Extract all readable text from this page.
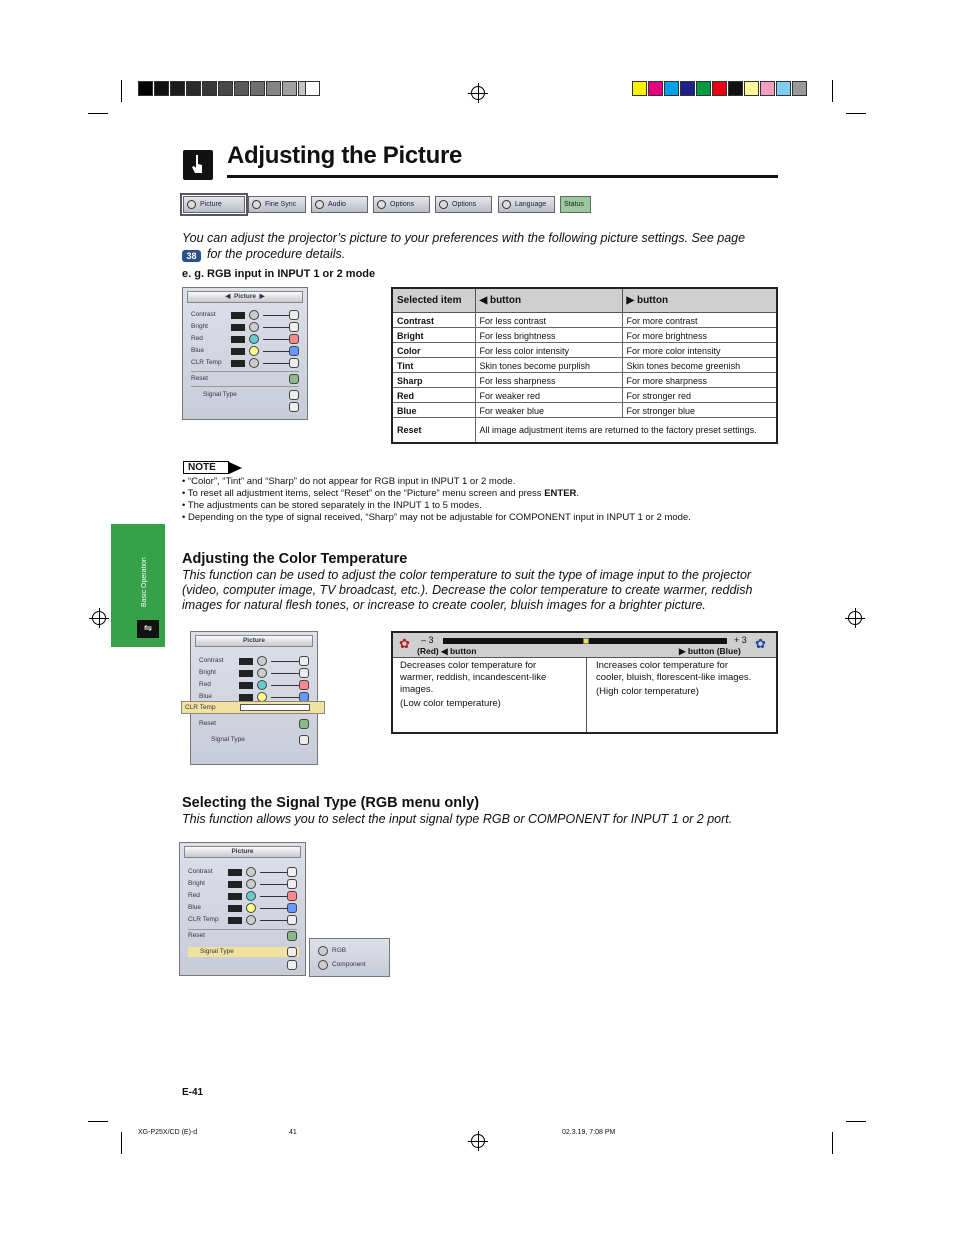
Adjusting the Picture
Picture	Fine Sync	Audio	Options	Options	Language	Status
You can adjust the projector’s picture to your preferences with the following picture settings. See page
38 for the procedure details.
e. g. RGB input in INPUT 1 or 2 mode
◀  Picture  ▶
Contrast
Bright
Red
Blue
CLR Temp
Reset
Signal Type
Selected item	◀ button	▶ button
Contrast	For less contrast	For more contrast
Bright	For less brightness	For more brightness
Color	For less color intensity	For more color intensity
Tint	Skin tones become purplish	Skin tones become greenish
Sharp	For less sharpness	For more sharpness
Red	For weaker red	For stronger red
Blue	For weaker blue	For stronger blue
Reset	All image adjustment items are returned to the factory preset settings.	
NOTE
• “Color”, “Tint” and “Sharp” do not appear for RGB input in INPUT 1 or 2 mode.
• To reset all adjustment items, select “Reset” on the “Picture” menu screen and press ENTER.
• The adjustments can be stored separately in the INPUT 1 to 5 modes.
• Depending on the type of signal received, “Sharp” may not be adjustable for COMPONENT input in INPUT 1 or 2 mode.
Basic Operation
⇋
Adjusting the Color Temperature
This function can be used to adjust the color temperature to suit the type of image input to the projector (video, computer image, TV broadcast, etc.). Decrease the color temperature to create warmer, reddish images for natural flesh tones, or increase to create cooler, bluish images for a brighter picture.
Picture
Contrast
Bright
Red
Blue
Reset
Signal Type
CLR Temp
– 3
✿	+ 3 ✿
(Red) ◀ button	▶ button (Blue)
Decreases color temperature for warmer, reddish, incandescent-like images.
(Low color temperature)
Increases color temperature for cooler, bluish, florescent-like images.
(High color temperature)
Selecting the Signal Type (RGB menu only)
This function allows you to select the input signal type RGB or COMPONENT for INPUT 1 or 2 port.
Picture
Contrast
Bright
Red
Blue
CLR Temp
Reset
Signal Type	RGB
Component
E-41
XG-P25X/CD (E)-d	41	02.3.19, 7:08 PM
